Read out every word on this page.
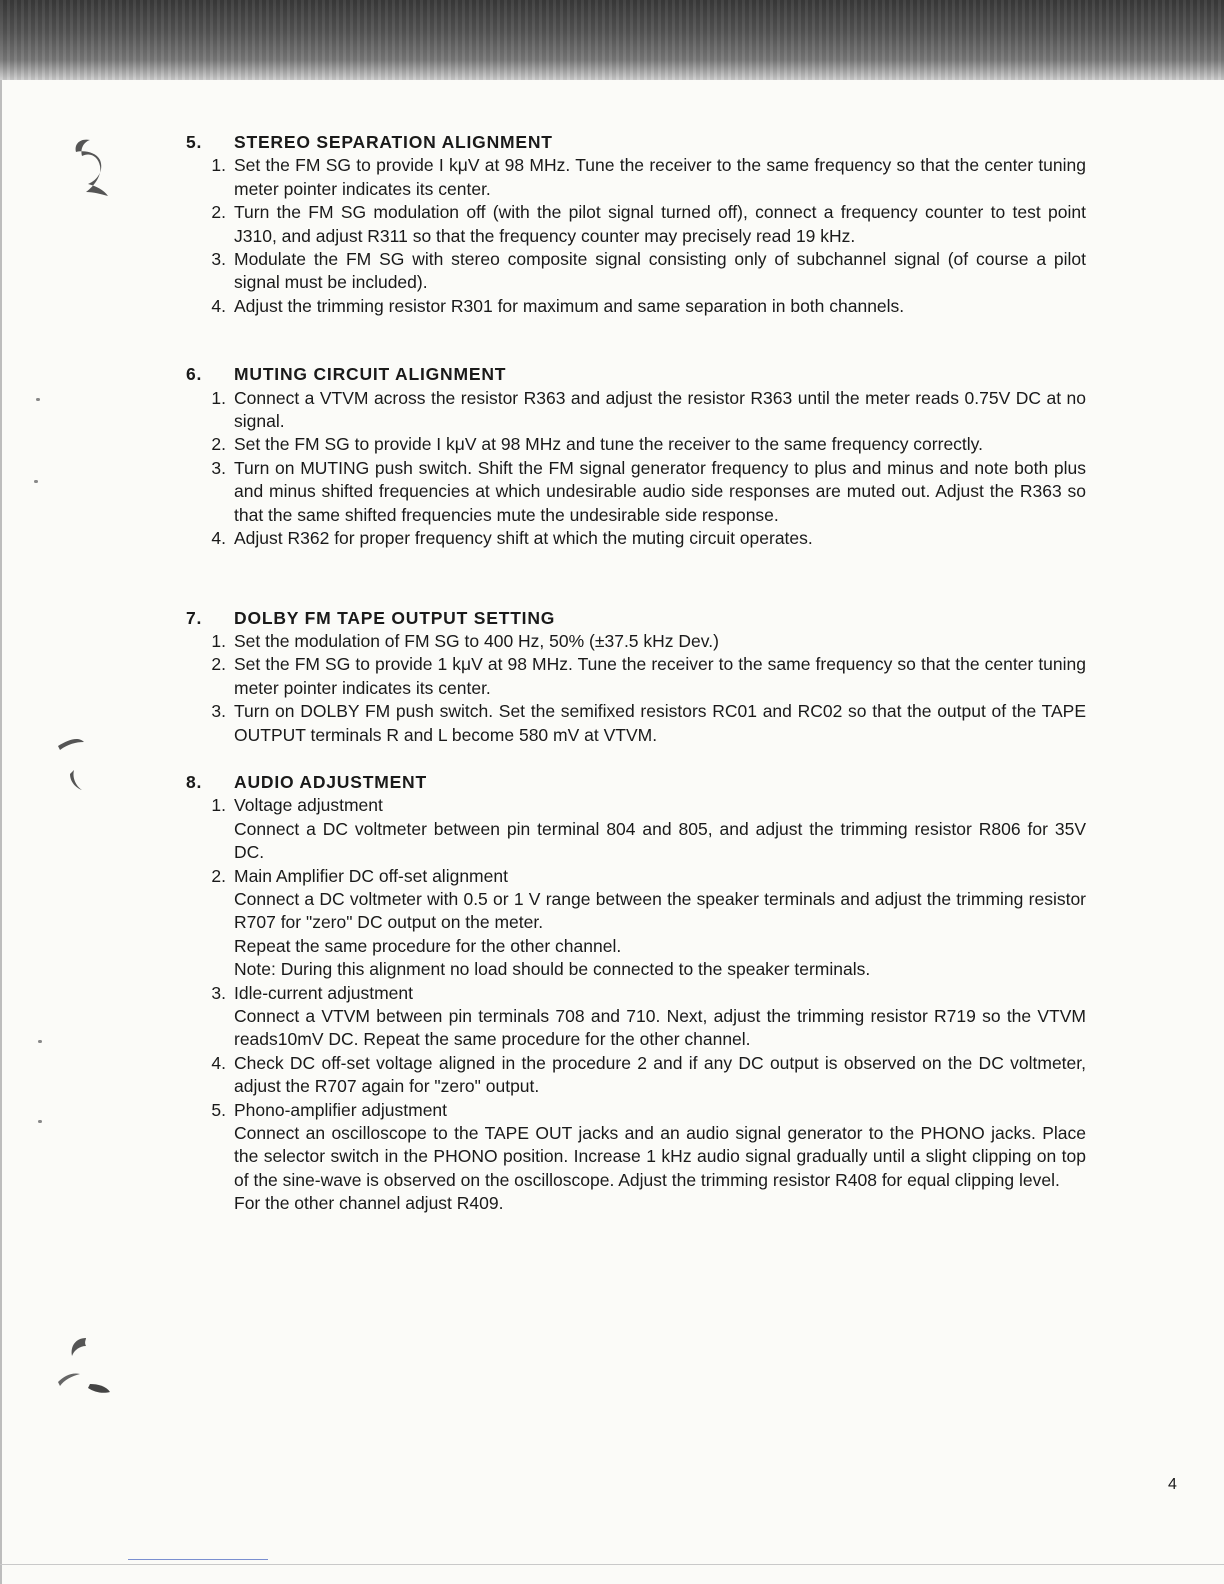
5.	STEREO SEPARATION ALIGNMENT
1. Set the FM SG to provide I kμV at 98 MHz. Tune the receiver to the same frequency so that the center tuning meter pointer indicates its center.
2. Turn the FM SG modulation off (with the pilot signal turned off), connect a frequency counter to test point J310, and adjust R311 so that the frequency counter may precisely read 19 kHz.
3. Modulate the FM SG with stereo composite signal consisting only of subchannel signal (of course a pilot signal must be included).
4. Adjust the trimming resistor R301 for maximum and same separation in both channels.
6.	MUTING CIRCUIT ALIGNMENT
1. Connect a VTVM across the resistor R363 and adjust the resistor R363 until the meter reads 0.75V DC at no signal.
2. Set the FM SG to provide I kμV at 98 MHz and tune the receiver to the same frequency correctly.
3. Turn on MUTING push switch. Shift the FM signal generator frequency to plus and minus and note both plus and minus shifted frequencies at which undesirable audio side responses are muted out. Adjust the R363 so that the same shifted frequencies mute the undesirable side response.
4. Adjust R362 for proper frequency shift at which the muting circuit operates.
7.	DOLBY FM TAPE OUTPUT SETTING
1. Set the modulation of FM SG to 400 Hz, 50% (±37.5 kHz Dev.)
2. Set the FM SG to provide 1 kμV at 98 MHz. Tune the receiver to the same frequency so that the center tuning meter pointer indicates its center.
3. Turn on DOLBY FM push switch. Set the semifixed resistors RC01 and RC02 so that the output of the TAPE OUTPUT terminals R and L become 580 mV at VTVM.
8.	AUDIO ADJUSTMENT
1. Voltage adjustment
Connect a DC voltmeter between pin terminal 804 and 805, and adjust the trimming resistor R806 for 35V DC.
2. Main Amplifier DC off-set alignment
Connect a DC voltmeter with 0.5 or 1 V range between the speaker terminals and adjust the trimming resistor R707 for "zero" DC output on the meter.
Repeat the same procedure for the other channel.
Note: During this alignment no load should be connected to the speaker terminals.
3. Idle-current adjustment
Connect a VTVM between pin terminals 708 and 710. Next, adjust the trimming resistor R719 so the VTVM reads10mV DC. Repeat the same procedure for the other channel.
4. Check DC off-set voltage aligned in the procedure 2 and if any DC output is observed on the DC voltmeter, adjust the R707 again for "zero" output.
5. Phono-amplifier adjustment
Connect an oscilloscope to the TAPE OUT jacks and an audio signal generator to the PHONO jacks. Place the selector switch in the PHONO position. Increase 1 kHz audio signal gradually until a slight clipping on top of the sine-wave is observed on the oscilloscope. Adjust the trimming resistor R408 for equal clipping level.
For the other channel adjust R409.
4
